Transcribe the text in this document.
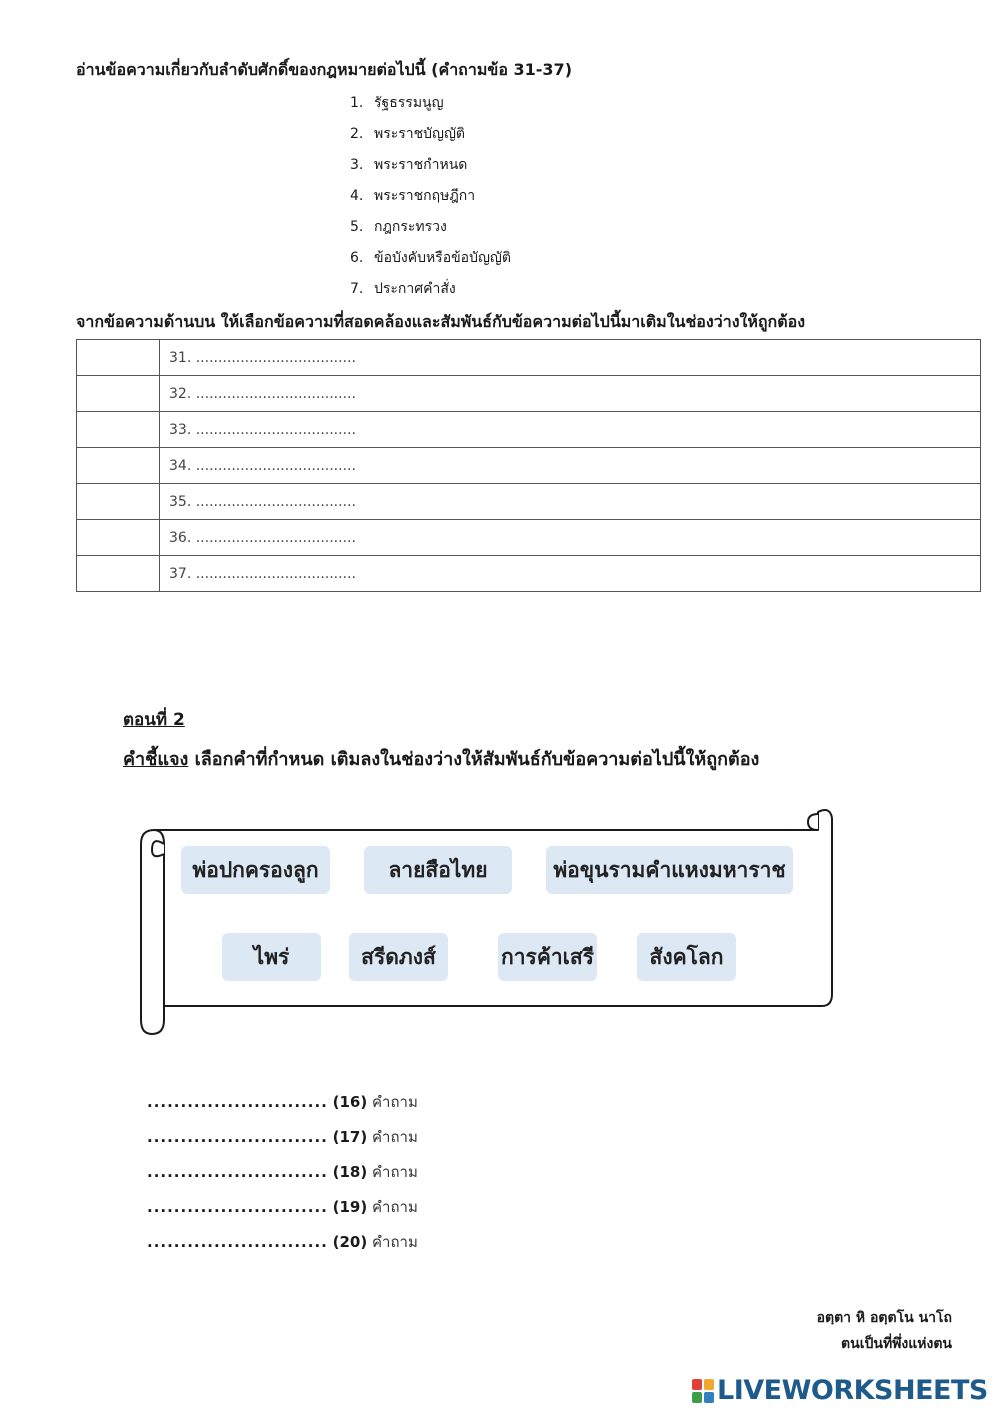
อ่านข้อความเกี่ยวกับลำดับศักดิ์ของกฎหมายต่อไปนี้ (คำถามข้อ 31-37)
1. รัฐธรรมนูญ
2. พระราชบัญญัติ
3. พระราชกำหนด
4. พระราชกฤษฎีกา
5. กฎกระทรวง
6. ข้อบังคับหรือข้อบัญญัติ
7. ประกาศคำสั่ง
จากข้อความด้านบน ให้เลือกข้อความที่สอดคล้องและสัมพันธ์กับข้อความต่อไปนี้มาเติมในช่องว่างให้ถูกต้อง
	31. ....................................
	32. ....................................
	33. ....................................
	34. ....................................
	35. ....................................
	36. ....................................
	37. ....................................
ตอนที่ 2
คำชี้แจง เลือกคำที่กำหนด เติมลงในช่องว่างให้สัมพันธ์กับข้อความต่อไปนี้ให้ถูกต้อง
พ่อปกครองลูก	ลายสือไทย	พ่อขุนรามคำแหงมหาราช
ไพร่	สรีดภงส์	การค้าเสรี	สังคโลก
........................... (16) คำถาม
........................... (17) คำถาม
........................... (18) คำถาม
........................... (19) คำถาม
........................... (20) คำถาม
อตฺตา หิ อตฺตโน นาโถ
ตนเป็นที่พึ่งแห่งตน
LIVEWORKSHEETS
